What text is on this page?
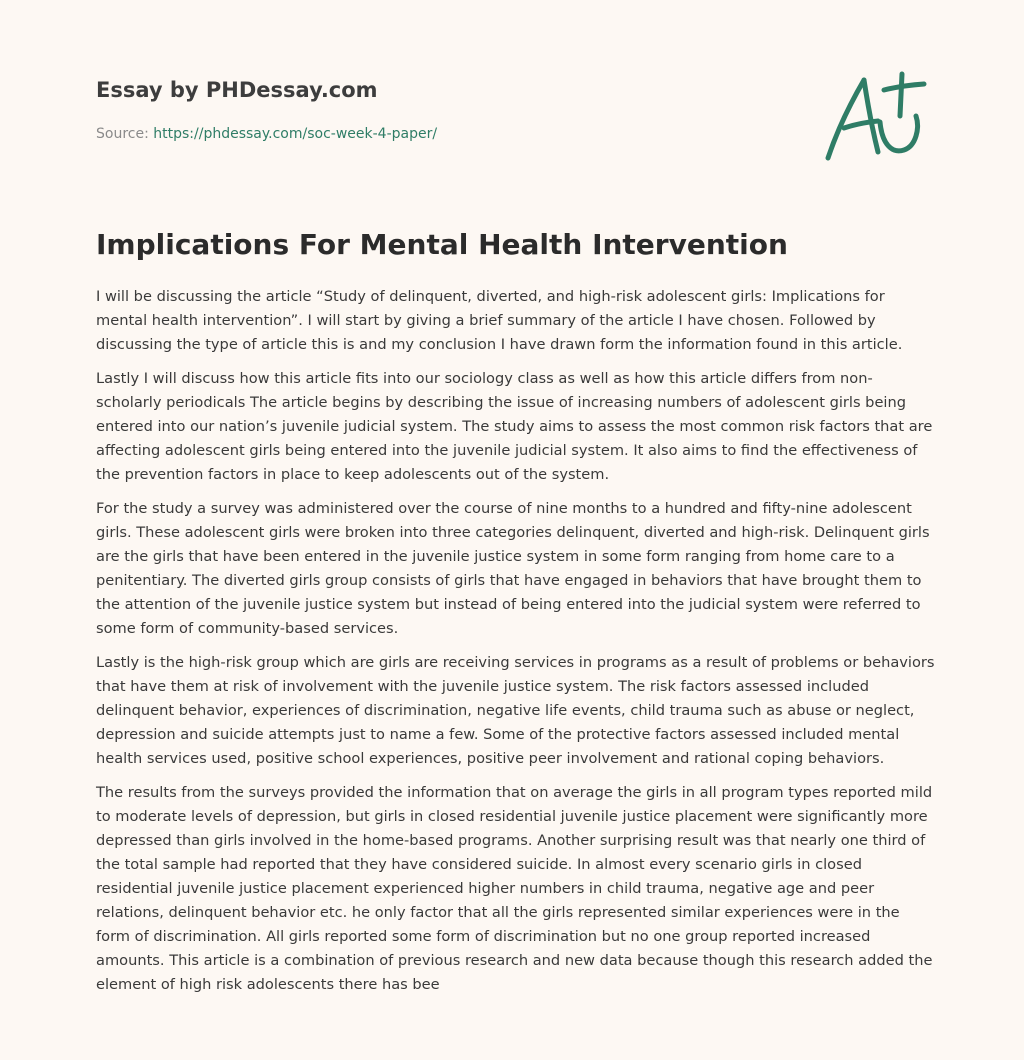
Essay by PHDessay.com
Source: https://phdessay.com/soc-week-4-paper/
Implications For Mental Health Intervention

I will be discussing the article “Study of delinquent, diverted, and high-risk adolescent girls: Implications for mental health intervention”. I will start by giving a brief summary of the article I have chosen. Followed by discussing the type of article this is and my conclusion I have drawn form the information found in this article.

Lastly I will discuss how this article fits into our sociology class as well as how this article differs from non-scholarly periodicals The article begins by describing the issue of increasing numbers of adolescent girls being entered into our nation’s juvenile judicial system. The study aims to assess the most common risk factors that are affecting adolescent girls being entered into the juvenile judicial system. It also aims to find the effectiveness of the prevention factors in place to keep adolescents out of the system.

For the study a survey was administered over the course of nine months to a hundred and fifty-nine adolescent girls. These adolescent girls were broken into three categories delinquent, diverted and high-risk. Delinquent girls are the girls that have been entered in the juvenile justice system in some form ranging from home care to a penitentiary. The diverted girls group consists of girls that have engaged in behaviors that have brought them to the attention of the juvenile justice system but instead of being entered into the judicial system were referred to some form of community-based services.

Lastly is the high-risk group which are girls are receiving services in programs as a result of problems or behaviors that have them at risk of involvement with the juvenile justice system. The risk factors assessed included delinquent behavior, experiences of discrimination, negative life events, child trauma such as abuse or neglect, depression and suicide attempts just to name a few. Some of the protective factors assessed included mental health services used, positive school experiences, positive peer involvement and rational coping behaviors.

The results from the surveys provided the information that on average the girls in all program types reported mild to moderate levels of depression, but girls in closed residential juvenile justice placement were significantly more depressed than girls involved in the home-based programs. Another surprising result was that nearly one third of the total sample had reported that they have considered suicide. In almost every scenario girls in closed residential juvenile justice placement experienced higher numbers in child trauma, negative age and peer relations, delinquent behavior etc. he only factor that all the girls represented similar experiences were in the form of discrimination. All girls reported some form of discrimination but no one group reported increased amounts. This article is a combination of previous research and new data because though this research added the element of high risk adolescents there has bee
